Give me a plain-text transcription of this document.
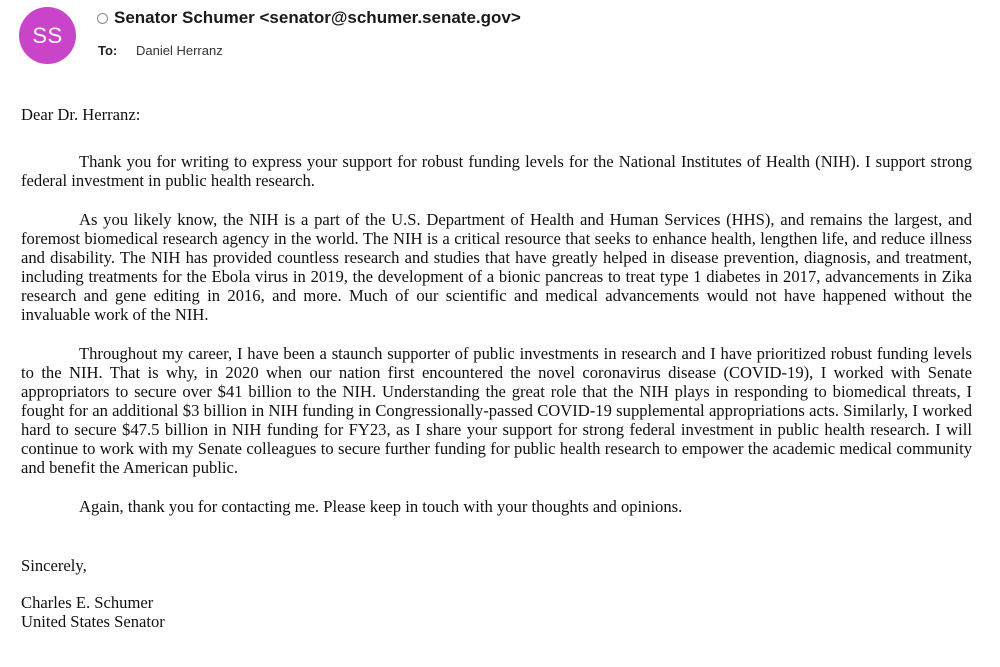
SS
Senator Schumer <senator@schumer.senate.gov>
To:	Daniel Herranz

Dear Dr. Herranz:

Thank you for writing to express your support for robust funding levels for the National Institutes of Health (NIH). I support strong federal investment in public health research.

As you likely know, the NIH is a part of the U.S. Department of Health and Human Services (HHS), and remains the largest, and foremost biomedical research agency in the world. The NIH is a critical resource that seeks to enhance health, lengthen life, and reduce illness and disability. The NIH has provided countless research and studies that have greatly helped in disease prevention, diagnosis, and treatment, including treatments for the Ebola virus in 2019, the development of a bionic pancreas to treat type 1 diabetes in 2017, advancements in Zika research and gene editing in 2016, and more. Much of our scientific and medical advancements would not have happened without the invaluable work of the NIH.

Throughout my career, I have been a staunch supporter of public investments in research and I have prioritized robust funding levels to the NIH. That is why, in 2020 when our nation first encountered the novel coronavirus disease (COVID-19), I worked with Senate appropriators to secure over $41 billion to the NIH. Understanding the great role that the NIH plays in responding to biomedical threats, I fought for an additional $3 billion in NIH funding in Congressionally-passed COVID-19 supplemental appropriations acts. Similarly, I worked hard to secure $47.5 billion in NIH funding for FY23, as I share your support for strong federal investment in public health research. I will continue to work with my Senate colleagues to secure further funding for public health research to empower the academic medical community and benefit the American public.

Again, thank you for contacting me. Please keep in touch with your thoughts and opinions.

Sincerely,

Charles E. Schumer

United States Senator
